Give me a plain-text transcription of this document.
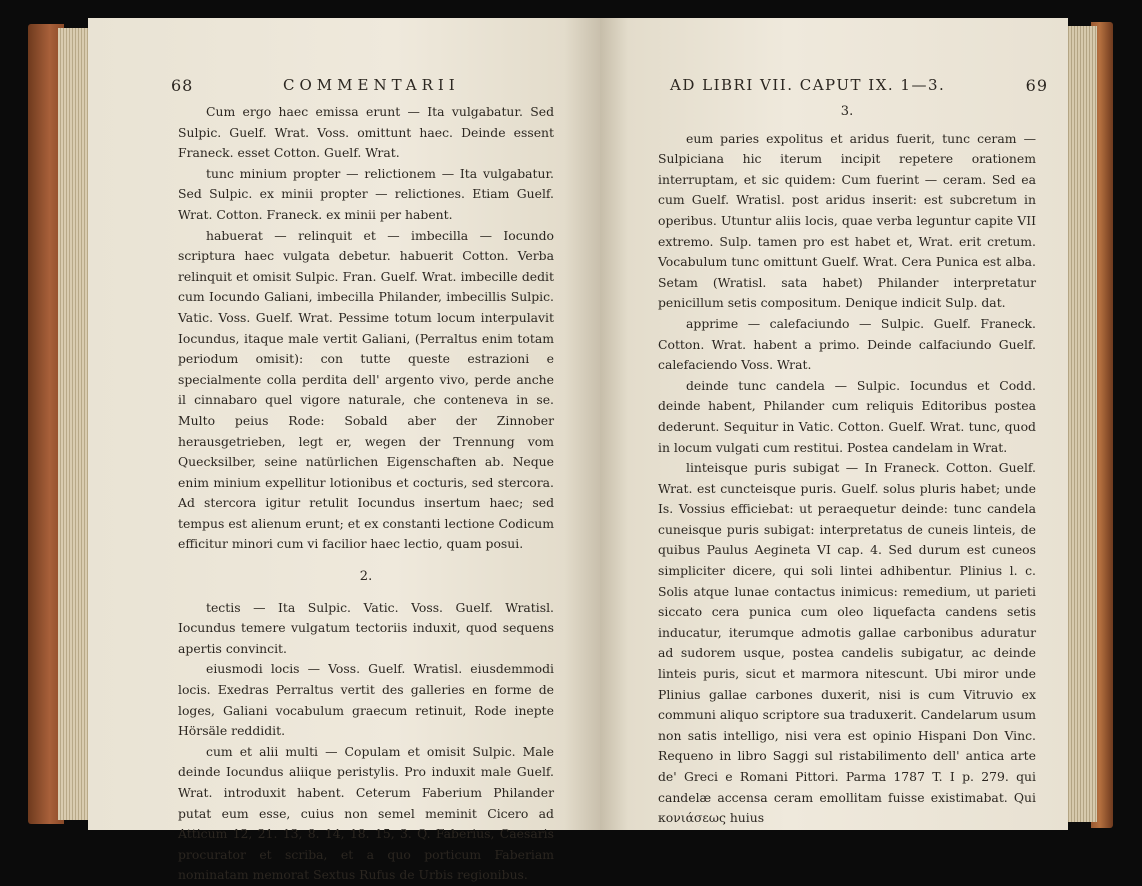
68	COMMENTARII

Cum ergo haec emissa erunt — Ita vulgabatur. Sed Sulpic. Guelf. Wrat. Voss. omittunt haec. Deinde essent Franeck. esset Cotton. Guelf. Wrat.

tunc minium propter — relictionem — Ita vulgabatur. Sed Sulpic. ex minii propter — relictiones. Etiam Guelf. Wrat. Cotton. Franeck. ex minii per habent.

habuerat — relinquit et — imbecilla — Iocundo scriptura haec vulgata debetur. habuerit Cotton. Verba relinquit et omisit Sulpic. Fran. Guelf. Wrat. imbecille dedit cum Iocundo Galiani, imbecilla Philander, imbecillis Sulpic. Vatic. Voss. Guelf. Wrat. Pessime totum locum interpulavit Iocundus, itaque male vertit Galiani, (Perraltus enim totam periodum omisit): con tutte queste estrazioni e specialmente colla perdita dell' argento vivo, perde anche il cinnabaro quel vigore naturale, che conteneva in se. Multo peius Rode: Sobald aber der Zinnober herausgetrieben, legt er, wegen der Trennung vom Quecksilber, seine natürlichen Eigenschaften ab. Neque enim minium expellitur lotionibus et cocturis, sed stercora. Ad stercora igitur retulit Iocundus insertum haec; sed tempus est alienum erunt; et ex constanti lectione Codicum efficitur minori cum vi facilior haec lectio, quam posui.

2.

tectis — Ita Sulpic. Vatic. Voss. Guelf. Wratisl. Iocundus temere vulgatum tectoriis induxit, quod sequens apertis convincit.

eiusmodi locis — Voss. Guelf. Wratisl. eiusdemmodi locis. Exedras Perraltus vertit des galleries en forme de loges, Galiani vocabulum graecum retinuit, Rode inepte Hörsäle reddidit.

cum et alii multi — Copulam et omisit Sulpic. Male deinde Iocundus aliique peristylis. Pro induxit male Guelf. Wrat. introduxit habent. Ceterum Faberium Philander putat eum esse, cuius non semel meminit Cicero ad Atticum 12, 21. 13, 8. 14, 18. 15, 3. Q. Faberius, Caesaris procurator et scriba, et a quo porticum Faberiam nominatam memorat Sextus Rufus de Urbis regionibus.

AD LIBRI VII. CAPUT IX. 1—3.	69
3.

eum paries expolitus et aridus fuerit, tunc ceram — Sulpiciana hic iterum incipit repetere orationem interruptam, et sic quidem: Cum fuerint — ceram. Sed ea cum Guelf. Wratisl. post aridus inserit: est subcretum in operibus. Utuntur aliis locis, quae verba leguntur capite VII extremo. Sulp. tamen pro est habet et, Wrat. erit cretum. Vocabulum tunc omittunt Guelf. Wrat. Cera Punica est alba. Setam (Wratisl. sata habet) Philander interpretatur penicillum setis compositum. Denique indicit Sulp. dat.

apprime — calefaciundo — Sulpic. Guelf. Franeck. Cotton. Wrat. habent a primo. Deinde calfaciundo Guelf. calefaciendo Voss. Wrat.

deinde tunc candela — Sulpic. Iocundus et Codd. deinde habent, Philander cum reliquis Editoribus postea dederunt. Sequitur in Vatic. Cotton. Guelf. Wrat. tunc, quod in locum vulgati cum restitui. Postea candelam in Wrat.

linteisque puris subigat — In Franeck. Cotton. Guelf. Wrat. est cuncteisque puris. Guelf. solus pluris habet; unde Is. Vossius efficiebat: ut peraequetur deinde: tunc candela cuneisque puris subigat: interpretatus de cuneis linteis, de quibus Paulus Aegineta VI cap. 4. Sed durum est cuneos simpliciter dicere, qui soli lintei adhibentur. Plinius l. c. Solis atque lunae contactus inimicus: remedium, ut parieti siccato cera punica cum oleo liquefacta candens setis inducatur, iterumque admotis gallae carbonibus aduratur ad sudorem usque, postea candelis subigatur, ac deinde linteis puris, sicut et marmora nitescunt. Ubi miror unde Plinius gallae carbones duxerit, nisi is cum Vitruvio ex communi aliquo scriptore sua traduxerit. Candelarum usum non satis intelligo, nisi vera est opinio Hispani Don Vinc. Requeno in libro Saggi sul ristabilimento dell' antica arte de' Greci e Romani Pittori. Parma 1787 T. I p. 279. qui candelæ accensa ceram emollitam fuisse existimabat. Qui κονιάσεως huius
